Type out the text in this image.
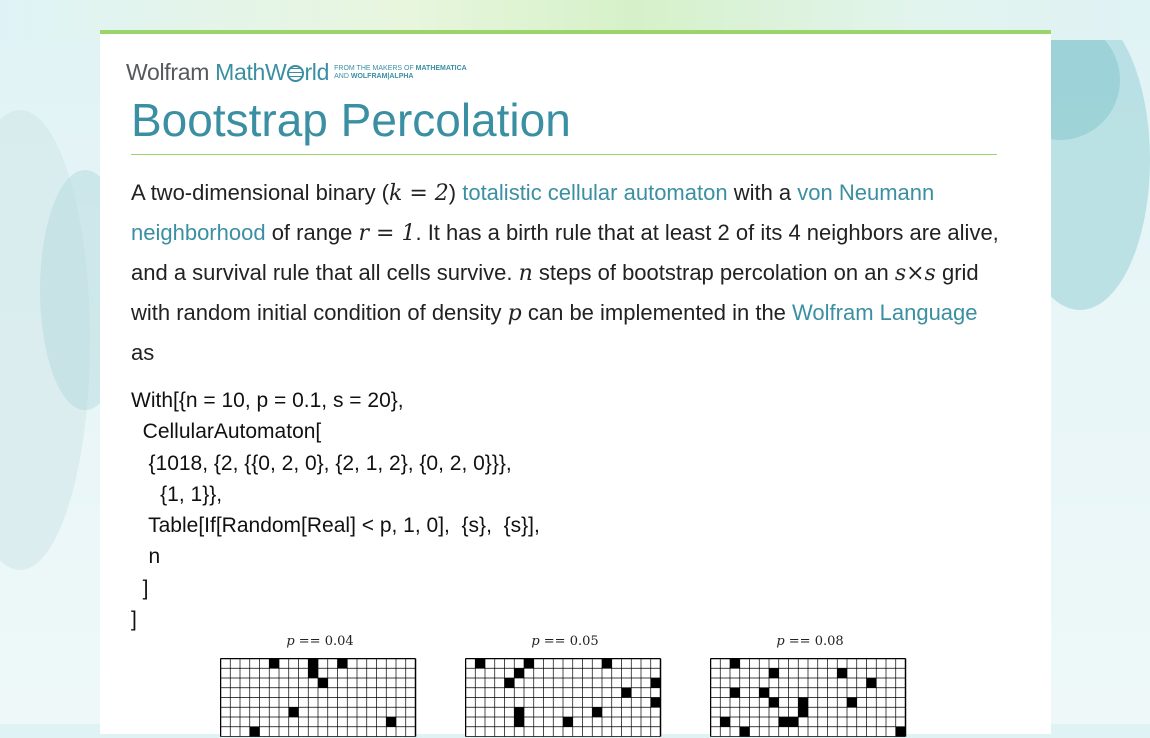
Wolfram MathW rld FROM THE MAKERS OF MATHEMATICA
AND WOLFRAM|ALPHA
Bootstrap Percolation
A two-dimensional binary (k = 2) totalistic cellular automaton with a von Neumann neighborhood of range r = 1. It has a birth rule that at least 2 of its 4 neighbors are alive, and a survival rule that all cells survive. n steps of bootstrap percolation on an s×s grid with random initial condition of density p can be implemented in the Wolfram Language as
With[{n = 10, p = 0.1, s = 20},
CellularAutomaton[
{1018, {2, {{0, 2, 0}, {2, 1, 2}, {0, 2, 0}}},
{1, 1}},
Table[If[Random[Real] < p, 1, 0],  {s},  {s}],
n
]
]
p == 0.04	p == 0.05	p == 0.08
